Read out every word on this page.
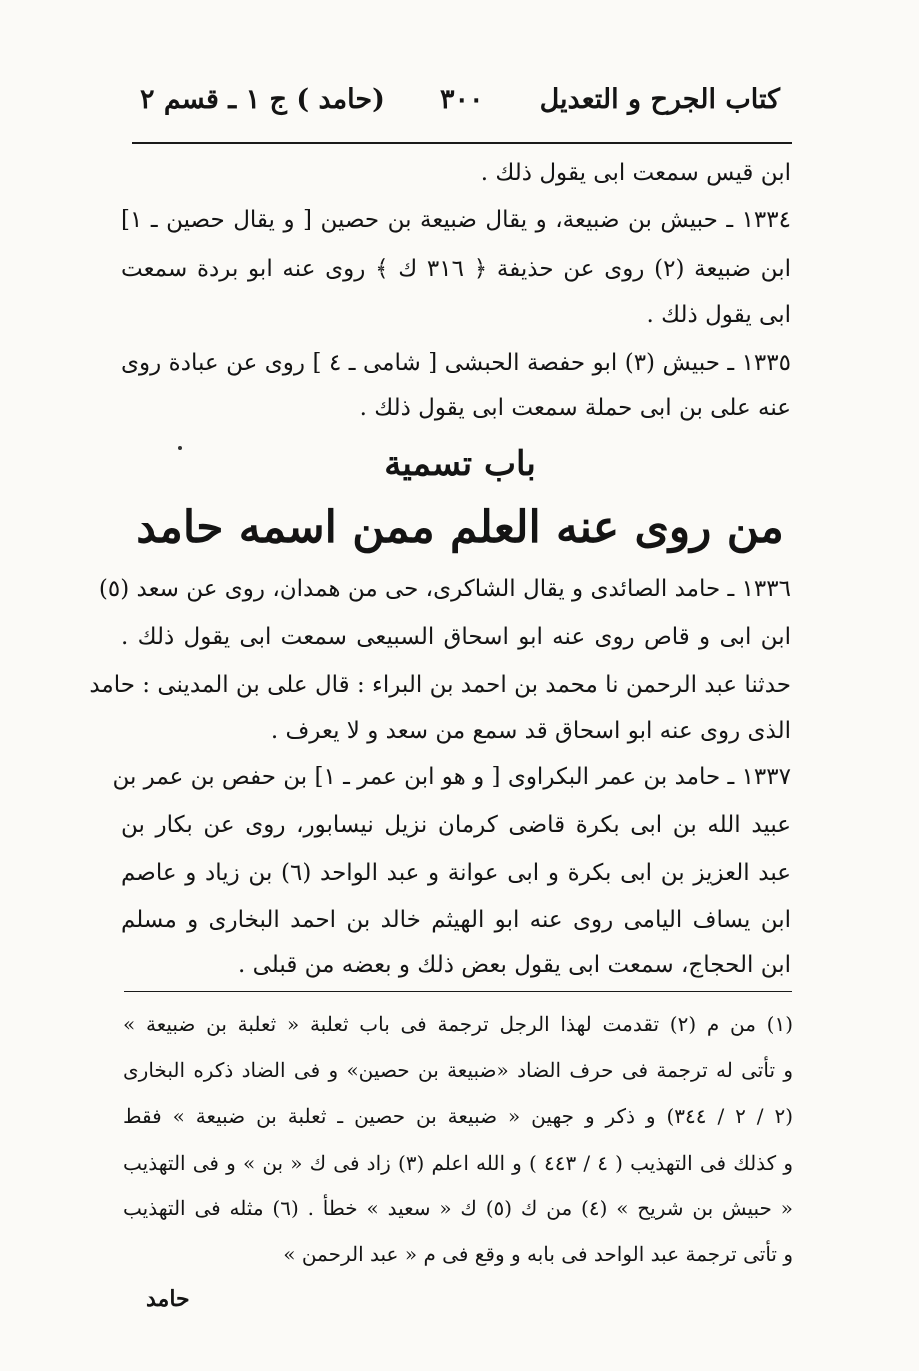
كتاب الجرح و التعديل
٣٠٠
(حامد ) ج ١ ـ قسم ٢
ابن قيس سمعت ابى يقول ذلك .
١٣٣٤ ـ حبيش بن ضبيعة، و يقال ضبيعة بن حصين [ و يقال حصين ـ ١]
ابن ضبيعة (٢) روى عن حذيفة ﴿ ٣١٦ ك ﴾ روى عنه ابو بردة سمعت
ابى يقول ذلك .
١٣٣٥ ـ حبيش (٣) ابو حفصة الحبشى [ شامى ـ ٤ ] روى عن عبادة روى
عنه على بن ابى حملة سمعت ابى يقول ذلك .
باب تسمية
من روى عنه العلم ممن اسمه حامد
١٣٣٦ ـ حامد الصائدى و يقال الشاكرى، حى من همدان، روى عن سعد (٥)
ابن ابى و قاص روى عنه ابو اسحاق السبيعى سمعت ابى يقول ذلك .
حدثنا عبد الرحمن نا محمد بن احمد بن البراء : قال على بن المدينى : حامد
الذى روى عنه ابو اسحاق قد سمع من سعد و لا يعرف .
١٣٣٧ ـ حامد بن عمر البكراوى [ و هو ابن عمر ـ ١] بن حفص بن عمر بن
عبيد الله بن ابى بكرة قاضى كرمان نزيل نيسابور، روى عن بكار بن
عبد العزيز بن ابى بكرة و ابى عوانة و عبد الواحد (٦) بن زياد و عاصم
ابن يساف اليامى روى عنه ابو الهيثم خالد بن احمد البخارى و مسلم
ابن الحجاج، سمعت ابى يقول بعض ذلك و بعضه من قبلى .
(١) من م (٢) تقدمت لهذا الرجل ترجمة فى باب ثعلبة « ثعلبة بن ضبيعة »
و تأتى له ترجمة فى حرف الضاد «ضبيعة بن حصين» و فى الضاد ذكره البخارى
(٢ / ٢ / ٣٤٤) و ذكر و جهين « ضبيعة بن حصين ـ ثعلبة بن ضبيعة » فقط
و كذلك فى التهذيب ( ٤ / ٤٤٣ ) و الله اعلم (٣) زاد فى ك « بن » و فى التهذيب
« حبيش بن شريح » (٤) من ك (٥) ك « سعيد » خطأ . (٦) مثله فى التهذيب
و تأتى ترجمة عبد الواحد فى بابه و وقع فى م « عبد الرحمن »
حامد
